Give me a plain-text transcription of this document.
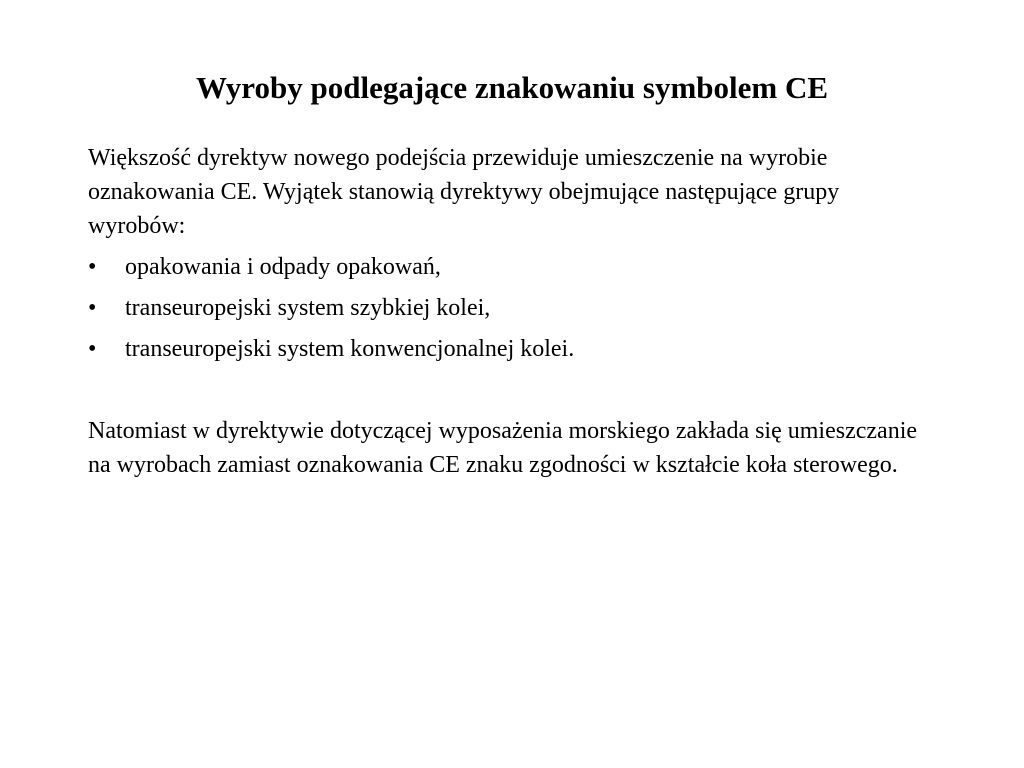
Wyroby podlegające znakowaniu symbolem CE

Większość dyrektyw nowego podejścia przewiduje umieszczenie na wyrobie oznakowania CE. Wyjątek stanowią dyrektywy obejmujące następujące grupy wyrobów:

• opakowania i odpady opakowań,
• transeuropejski system szybkiej kolei,
• transeuropejski system konwencjonalnej kolei.

Natomiast w dyrektywie dotyczącej wyposażenia morskiego zakłada się umieszczanie na wyrobach zamiast oznakowania CE znaku zgodności w kształcie koła sterowego.
